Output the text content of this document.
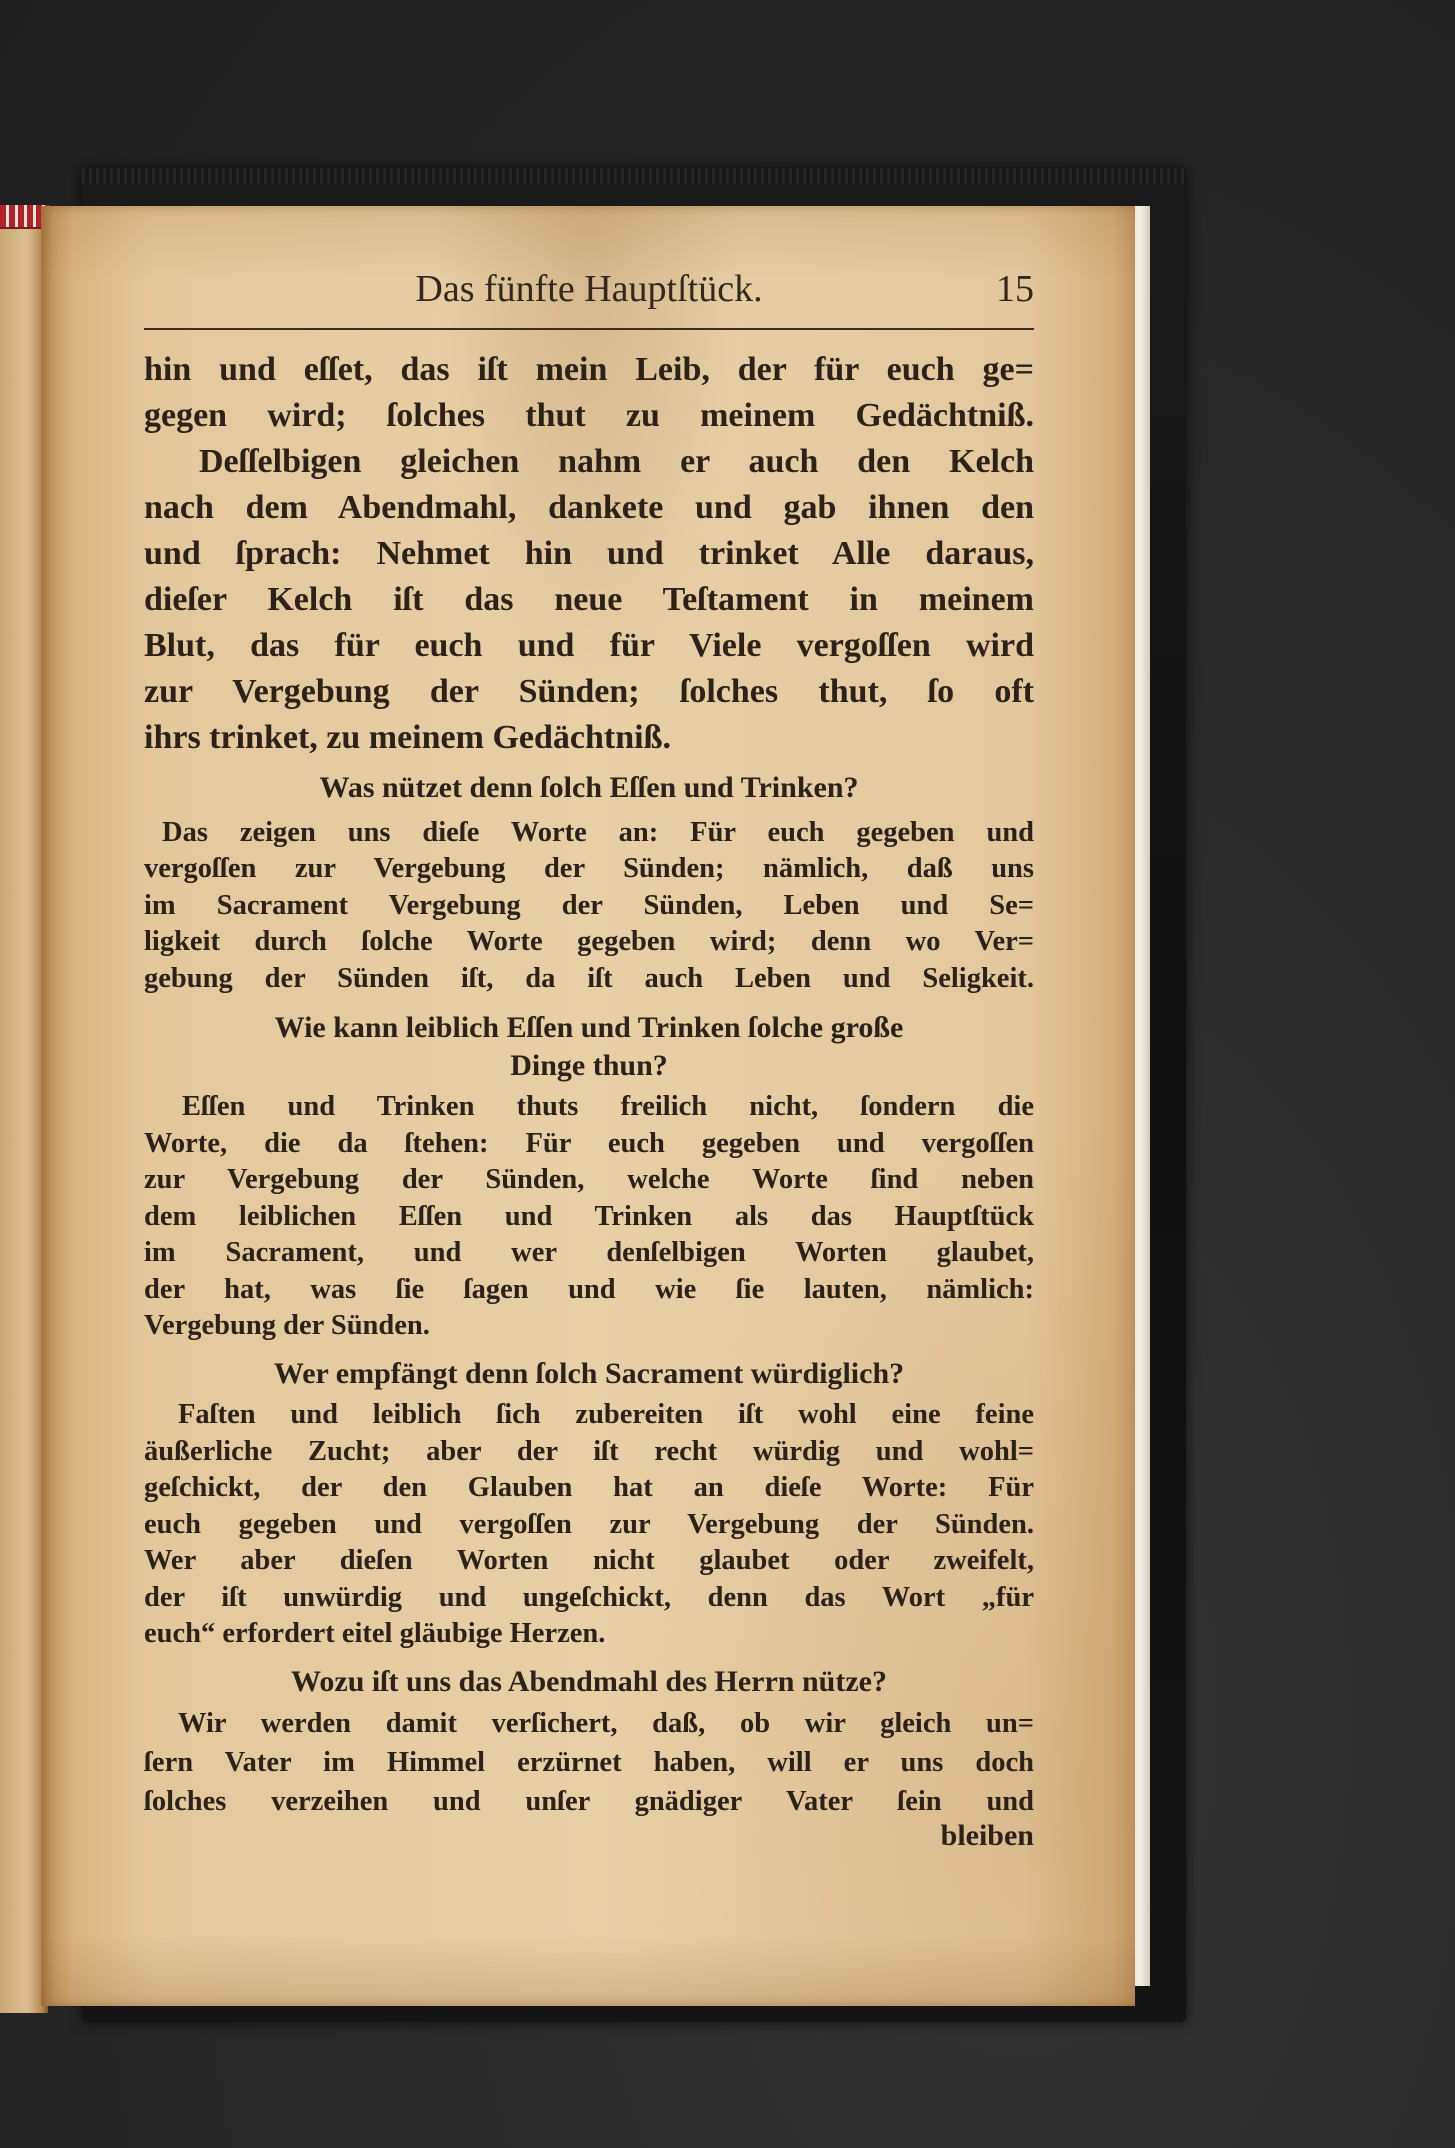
Das fünfte Hauptſtück.	15
hin und eſſet, das iſt mein Leib, der für euch ge=
gegen wird; ſolches thut zu meinem Gedächtniß.
Deſſelbigen gleichen nahm er auch den Kelch
nach dem Abendmahl, dankete und gab ihnen den
und ſprach: Nehmet hin und trinket Alle daraus,
dieſer Kelch iſt das neue Teſtament in meinem
Blut, das für euch und für Viele vergoſſen wird
zur Vergebung der Sünden; ſolches thut, ſo oft
ihrs trinket, zu meinem Gedächtniß.
Was nützet denn ſolch Eſſen und Trinken?
Das zeigen uns dieſe Worte an: Für euch gegeben und
vergoſſen zur Vergebung der Sünden; nämlich, daß uns
im Sacrament Vergebung der Sünden, Leben und Se=
ligkeit durch ſolche Worte gegeben wird; denn wo Ver=
gebung der Sünden iſt, da iſt auch Leben und Seligkeit.
Wie kann leiblich Eſſen und Trinken ſolche große
Dinge thun?
Eſſen und Trinken thuts freilich nicht, ſondern die
Worte, die da ſtehen: Für euch gegeben und vergoſſen
zur Vergebung der Sünden, welche Worte ſind neben
dem leiblichen Eſſen und Trinken als das Hauptſtück
im Sacrament, und wer denſelbigen Worten glaubet,
der hat, was ſie ſagen und wie ſie lauten, nämlich:
Vergebung der Sünden.
Wer empfängt denn ſolch Sacrament würdiglich?
Faſten und leiblich ſich zubereiten iſt wohl eine feine
äußerliche Zucht; aber der iſt recht würdig und wohl=
geſchickt, der den Glauben hat an dieſe Worte: Für
euch gegeben und vergoſſen zur Vergebung der Sünden.
Wer aber dieſen Worten nicht glaubet oder zweifelt,
der iſt unwürdig und ungeſchickt, denn das Wort „für
euch“ erfordert eitel gläubige Herzen.
Wozu iſt uns das Abendmahl des Herrn nütze?
Wir werden damit verſichert, daß, ob wir gleich un=
ſern Vater im Himmel erzürnet haben, will er uns doch
ſolches verzeihen und unſer gnädiger Vater ſein und
bleiben
